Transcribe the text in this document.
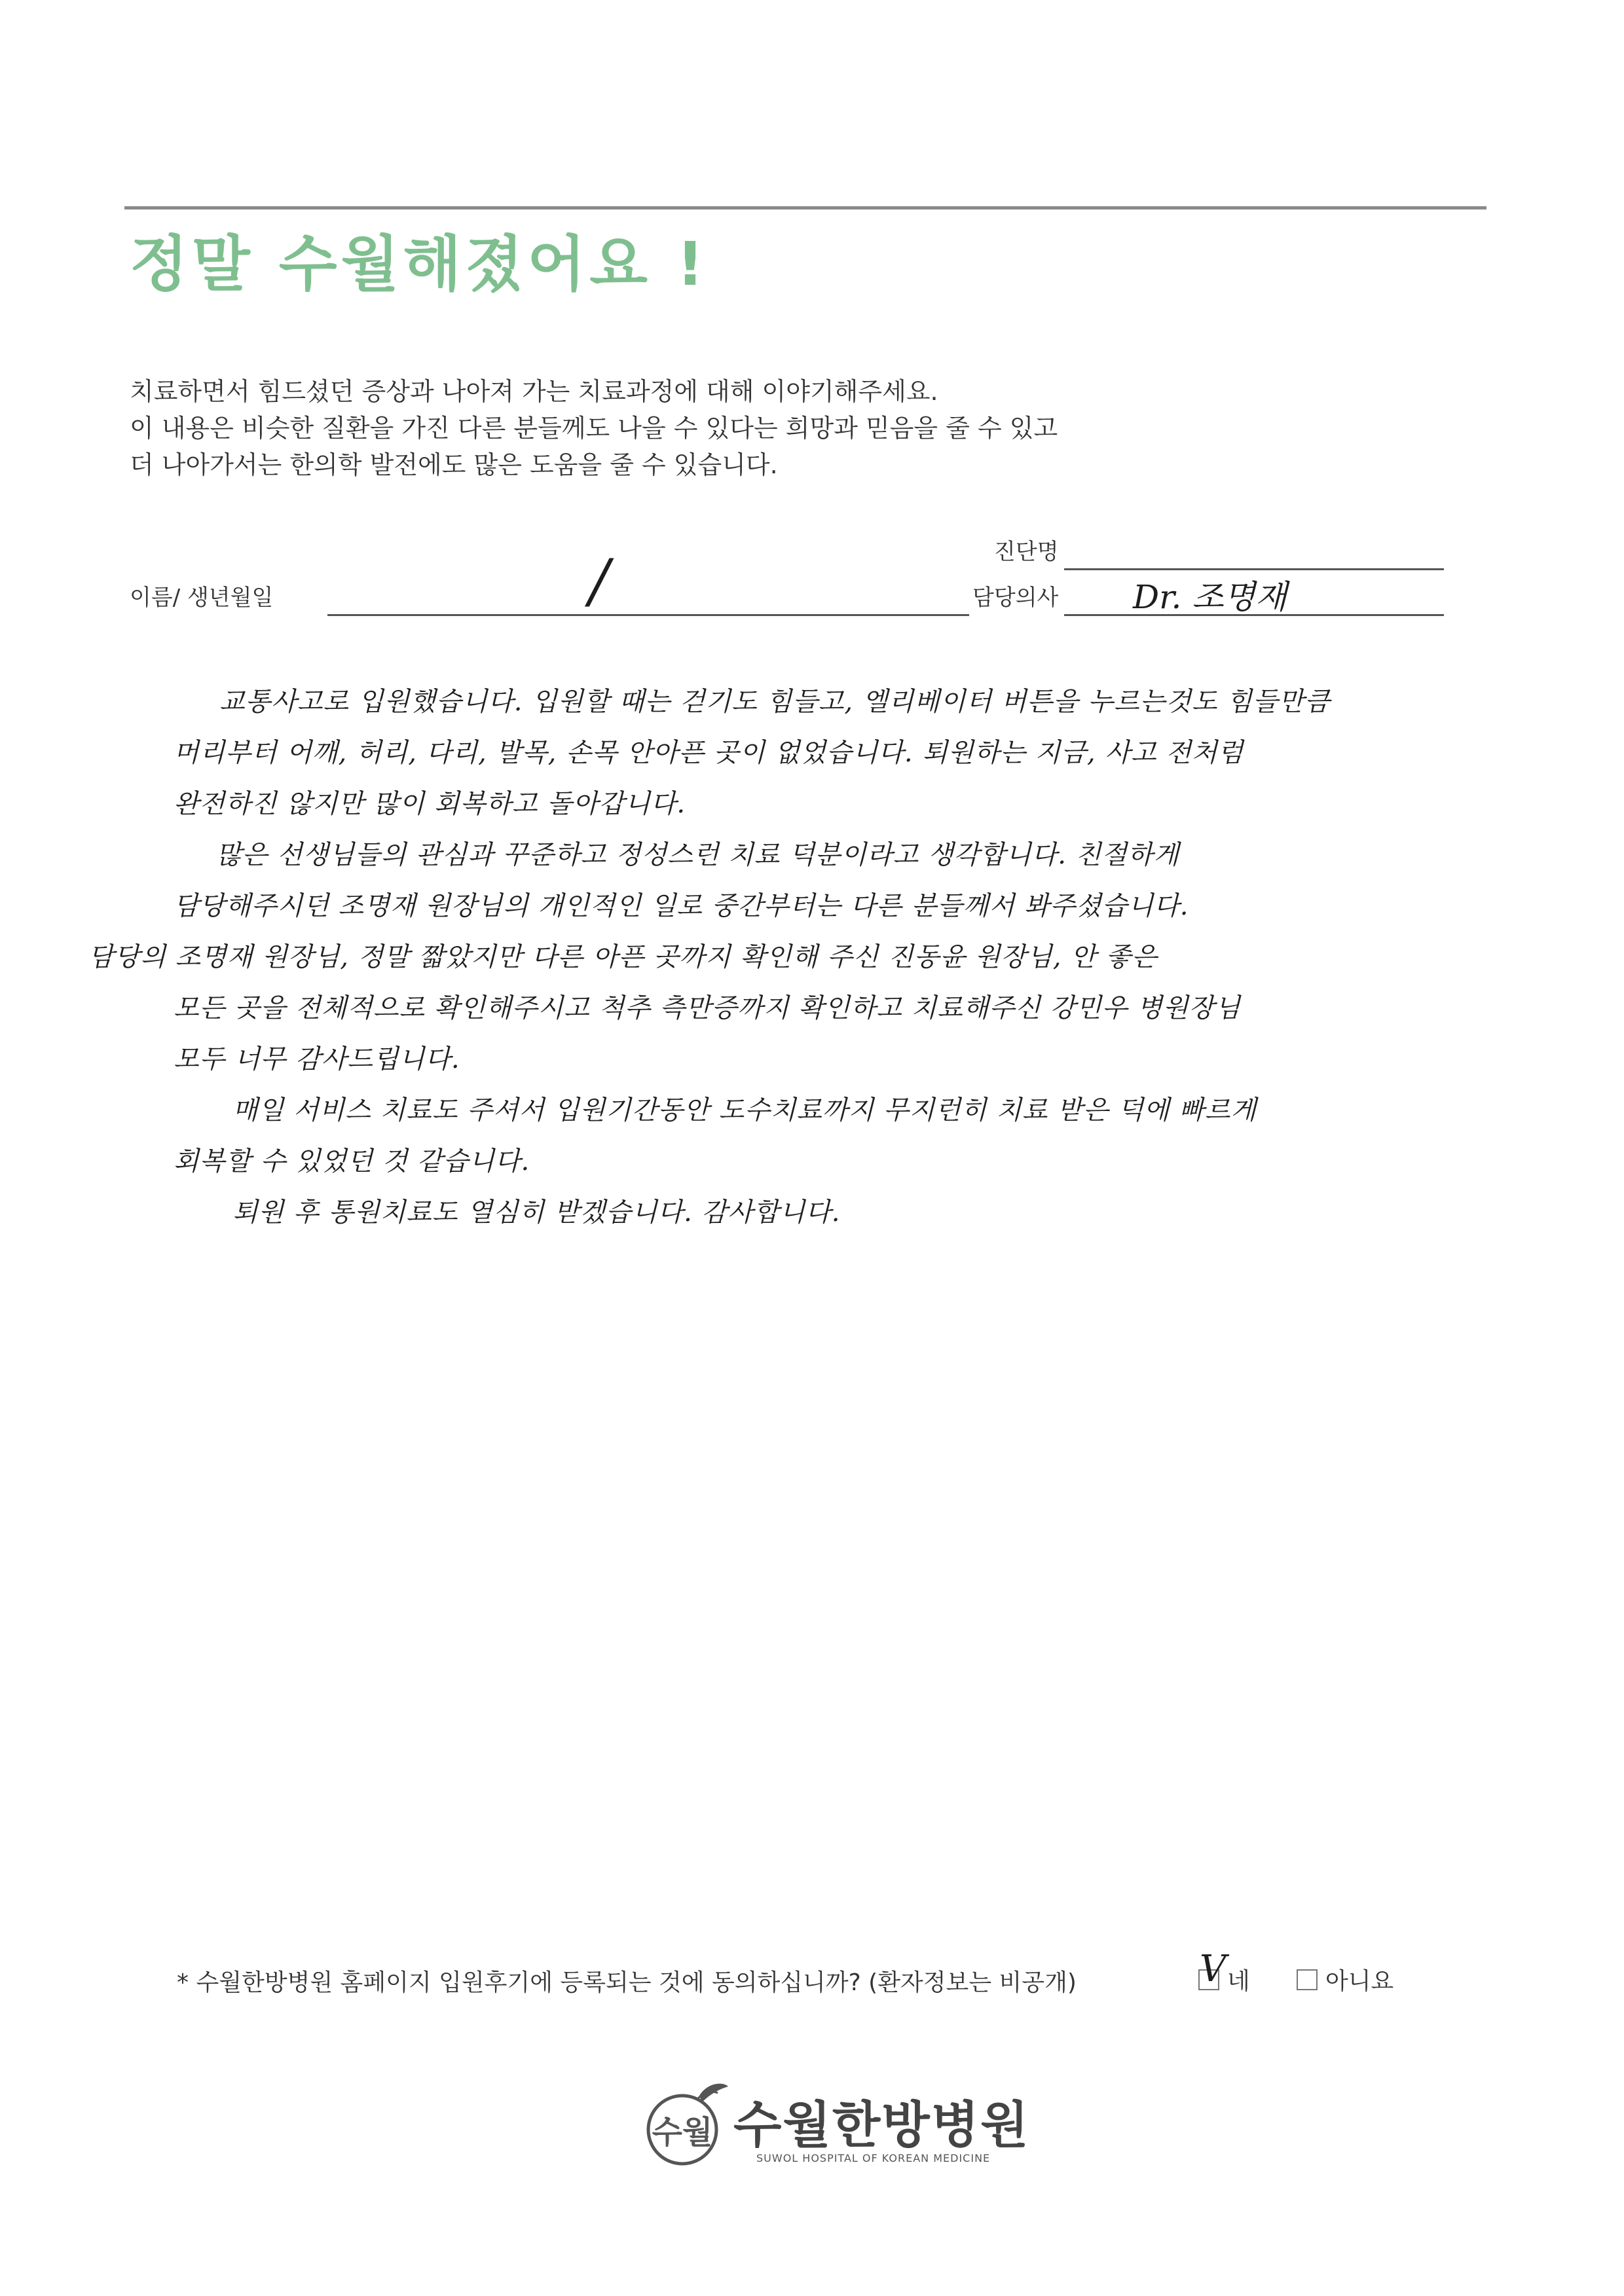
정말 수월해졌어요 !
치료하면서 힘드셨던 증상과 나아져 가는 치료과정에 대해 이야기해주세요.
이 내용은 비슷한 질환을 가진 다른 분들께도 나을 수 있다는 희망과 믿음을 줄 수 있고
더 나아가서는 한의학 발전에도 많은 도움을 줄 수 있습니다.
진단명
이름/ 생년월일	/	담당의사 Dr. 조명재
교통사고로 입원했습니다. 입원할 때는 걷기도 힘들고, 엘리베이터 버튼을 누르는것도 힘들만큼
머리부터 어깨, 허리, 다리, 발목, 손목 안아픈 곳이 없었습니다. 퇴원하는 지금, 사고 전처럼
완전하진 않지만 많이 회복하고 돌아갑니다.
많은 선생님들의 관심과 꾸준하고 정성스런 치료 덕분이라고 생각합니다. 친절하게
담당해주시던 조명재 원장님의 개인적인 일로 중간부터는 다른 분들께서 봐주셨습니다.
담당의 조명재 원장님, 정말 짧았지만 다른 아픈 곳까지 확인해 주신 진동윤 원장님, 안 좋은
모든 곳을 전체적으로 확인해주시고 척추 측만증까지 확인하고 치료해주신 강민우 병원장님
모두 너무 감사드립니다.
매일 서비스 치료도 주셔서 입원기간동안 도수치료까지 무지런히 치료 받은 덕에 빠르게
회복할 수 있었던 것 같습니다.
퇴원 후 통원치료도 열심히 받겠습니다. 감사합니다.
* 수월한방병원 홈페이지 입원후기에 등록되는 것에 동의하십니까? (환자정보는 비공개)	네
V	아니요
수월 수월한방병원
SUWOL HOSPITAL OF KOREAN MEDICINE
